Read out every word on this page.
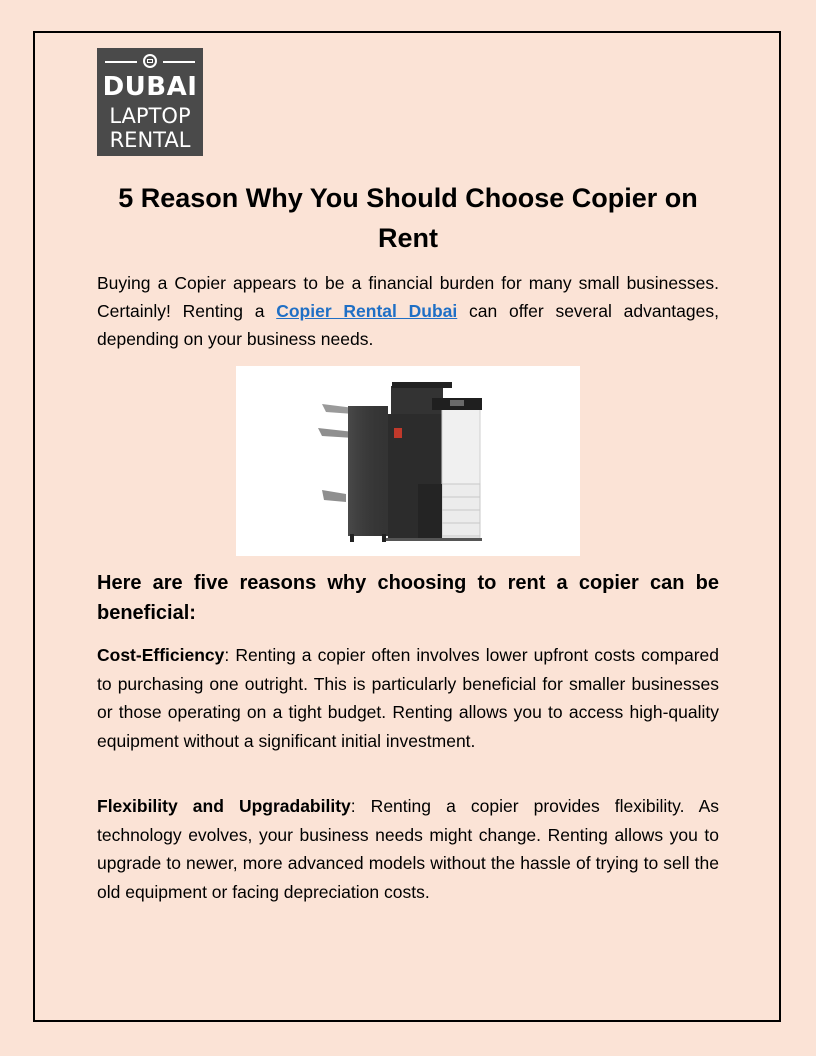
DUBAI
LAPTOP
RENTAL
5 Reason Why You Should Choose Copier on Rent

Buying a Copier appears to be a financial burden for many small businesses. Certainly! Renting a Copier Rental Dubai can offer several advantages, depending on your business needs.

Here are five reasons why choosing to rent a copier can be beneficial:

Cost-Efficiency: Renting a copier often involves lower upfront costs compared to purchasing one outright. This is particularly beneficial for smaller businesses or those operating on a tight budget. Renting allows you to access high-quality equipment without a significant initial investment.

Flexibility and Upgradability: Renting a copier provides flexibility. As technology evolves, your business needs might change. Renting allows you to upgrade to newer, more advanced models without the hassle of trying to sell the old equipment or facing depreciation costs.
